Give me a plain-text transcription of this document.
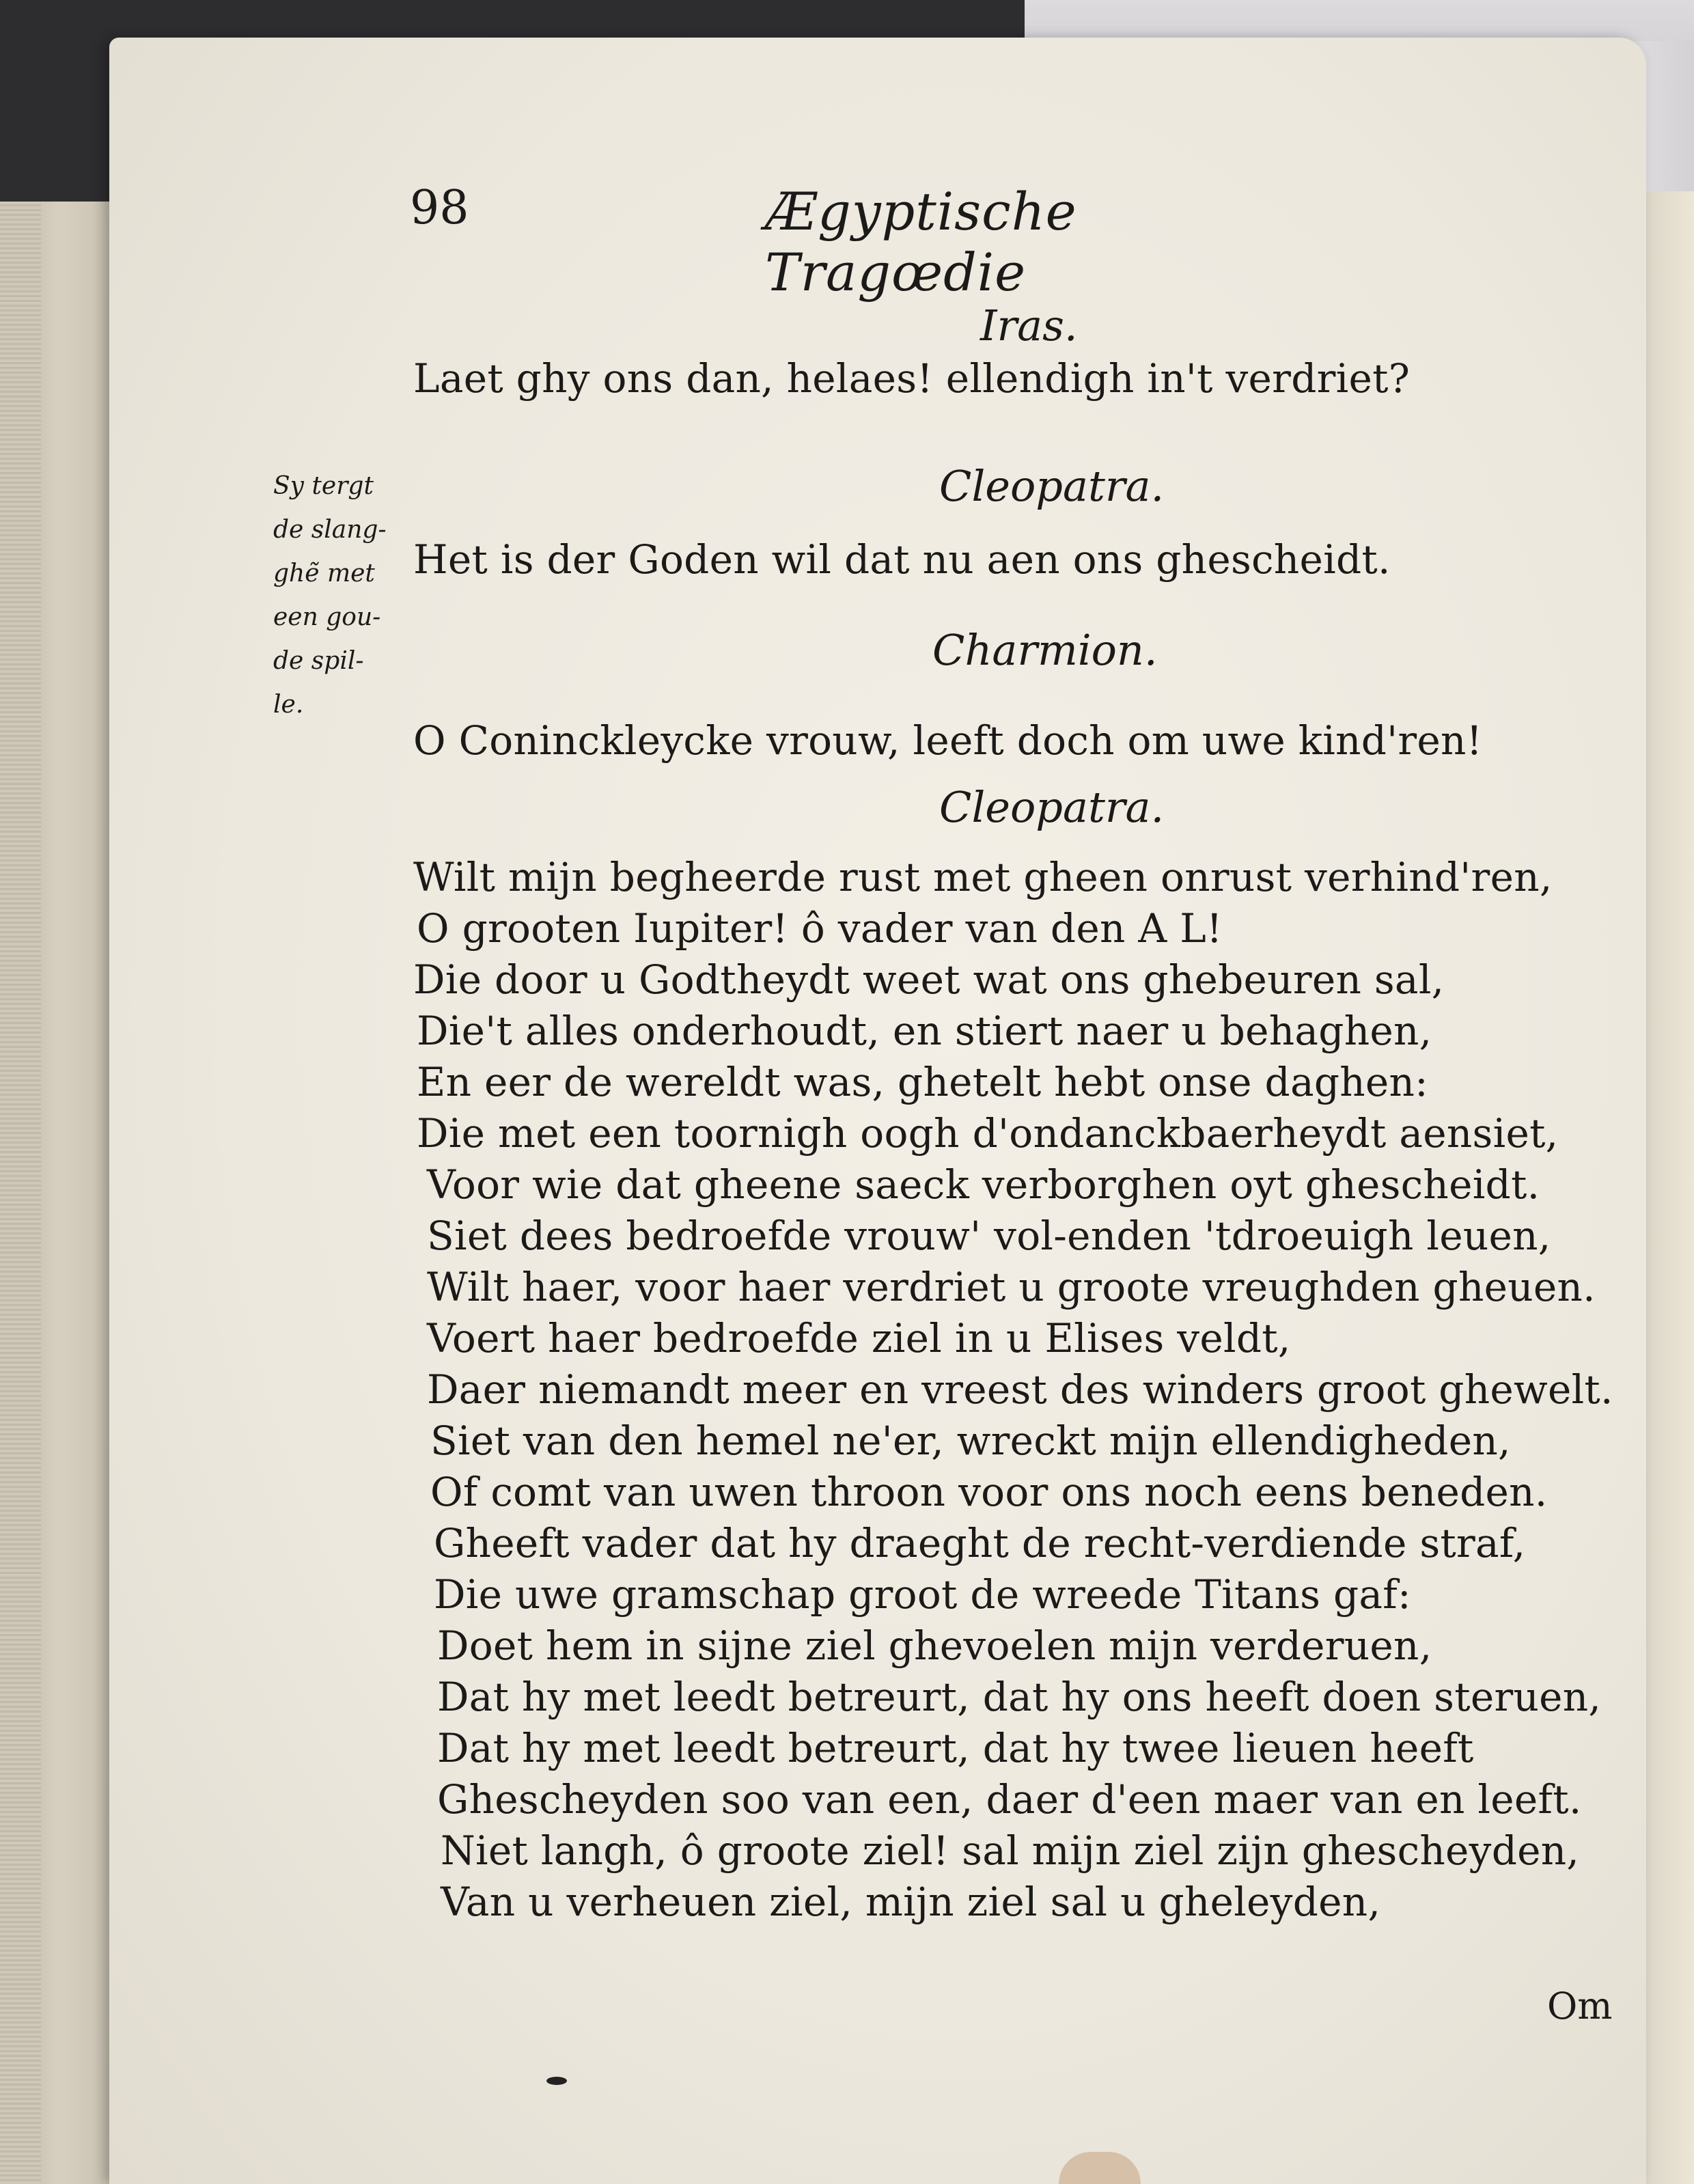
98	Ægyptische Tragœdie
Sy tergt
de slang-
ghẽ met
een gou-
de spil-
le.
Iras.
Laet ghy ons dan, helaes! ellendigh in't verdriet?
Cleopatra.
Het is der Goden wil dat nu aen ons ghescheidt.
Charmion.
O Coninckleycke vrouw, leeft doch om uwe kind'ren!
Cleopatra.
Wilt mijn begheerde rust met gheen onrust verhind'ren,
O grooten Iupiter! ô vader van den A L!
Die door u Godtheydt weet wat ons ghebeuren sal,
Die't alles onderhoudt, en stiert naer u behaghen,
En eer de wereldt was, ghetelt hebt onse daghen:
Die met een toornigh oogh d'ondanckbaerheydt aensiet,
Voor wie dat gheene saeck verborghen oyt ghescheidt.
Siet dees bedroefde vrouw' vol-enden 'tdroeuigh leuen,
Wilt haer, voor haer verdriet u groote vreughden gheuen.
Voert haer bedroefde ziel in u Elises veldt,
Daer niemandt meer en vreest des winders groot ghewelt.
Siet van den hemel ne'er, wreckt mijn ellendigheden,
Of comt van uwen throon voor ons noch eens beneden.
Gheeft vader dat hy draeght de recht-verdiende straf,
Die uwe gramschap groot de wreede Titans gaf:
Doet hem in sijne ziel ghevoelen mijn verderuen,
Dat hy met leedt betreurt, dat hy ons heeft doen steruen,
Dat hy met leedt betreurt, dat hy twee lieuen heeft
Ghescheyden soo van een, daer d'een maer van en leeft.
Niet langh, ô groote ziel! sal mijn ziel zijn ghescheyden,
Van u verheuen ziel, mijn ziel sal u gheleyden,
Om
